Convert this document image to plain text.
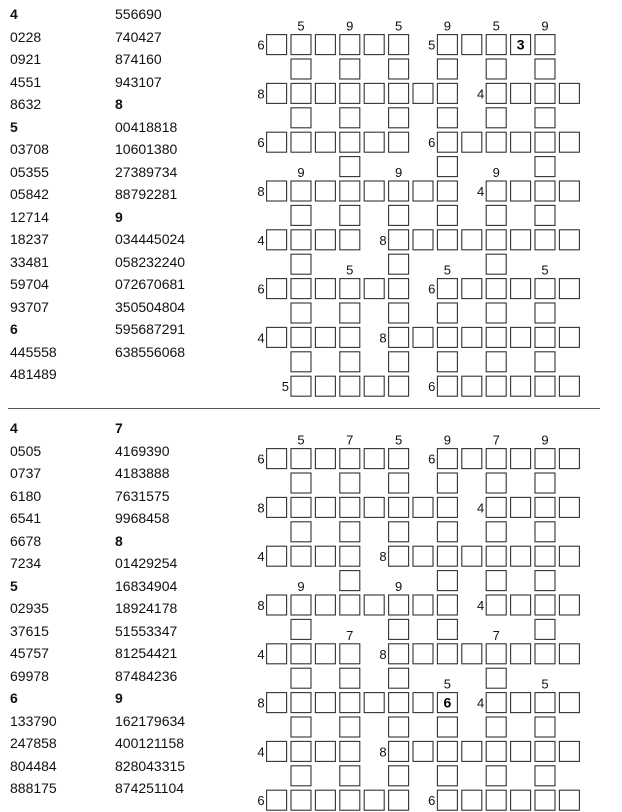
4
0228
0921
4551
8632
5
03708
05355
05842
12714
18237
33481
59704
93707
6
445558
481489
556690
740427
874160
943107
8
00418818
10601380
27389734
88792281
9
034445024
058232240
072670681
350504804
595687291
638556068
6	5
8	4
6	6
8	4
4	8
6	6
4	8
5	6
5	9	5	9	5	9
9	9	9
5	5	5
3
4
0505
0737
6180
6541
6678
7234
5
02935
37615
45757
69978
6
133790
247858
804484
888175
7
4169390
4183888
7631575
9968458
8
01429254
16834904
18924178
51553347
81254421
87484236
9
162179634
400121158
828043315
874251104
6	6
8	4
4	8
8	4
4	8
8	4
4	8
6	6
5	7	5	9	7	9
9	9
7	7
5	5
6
